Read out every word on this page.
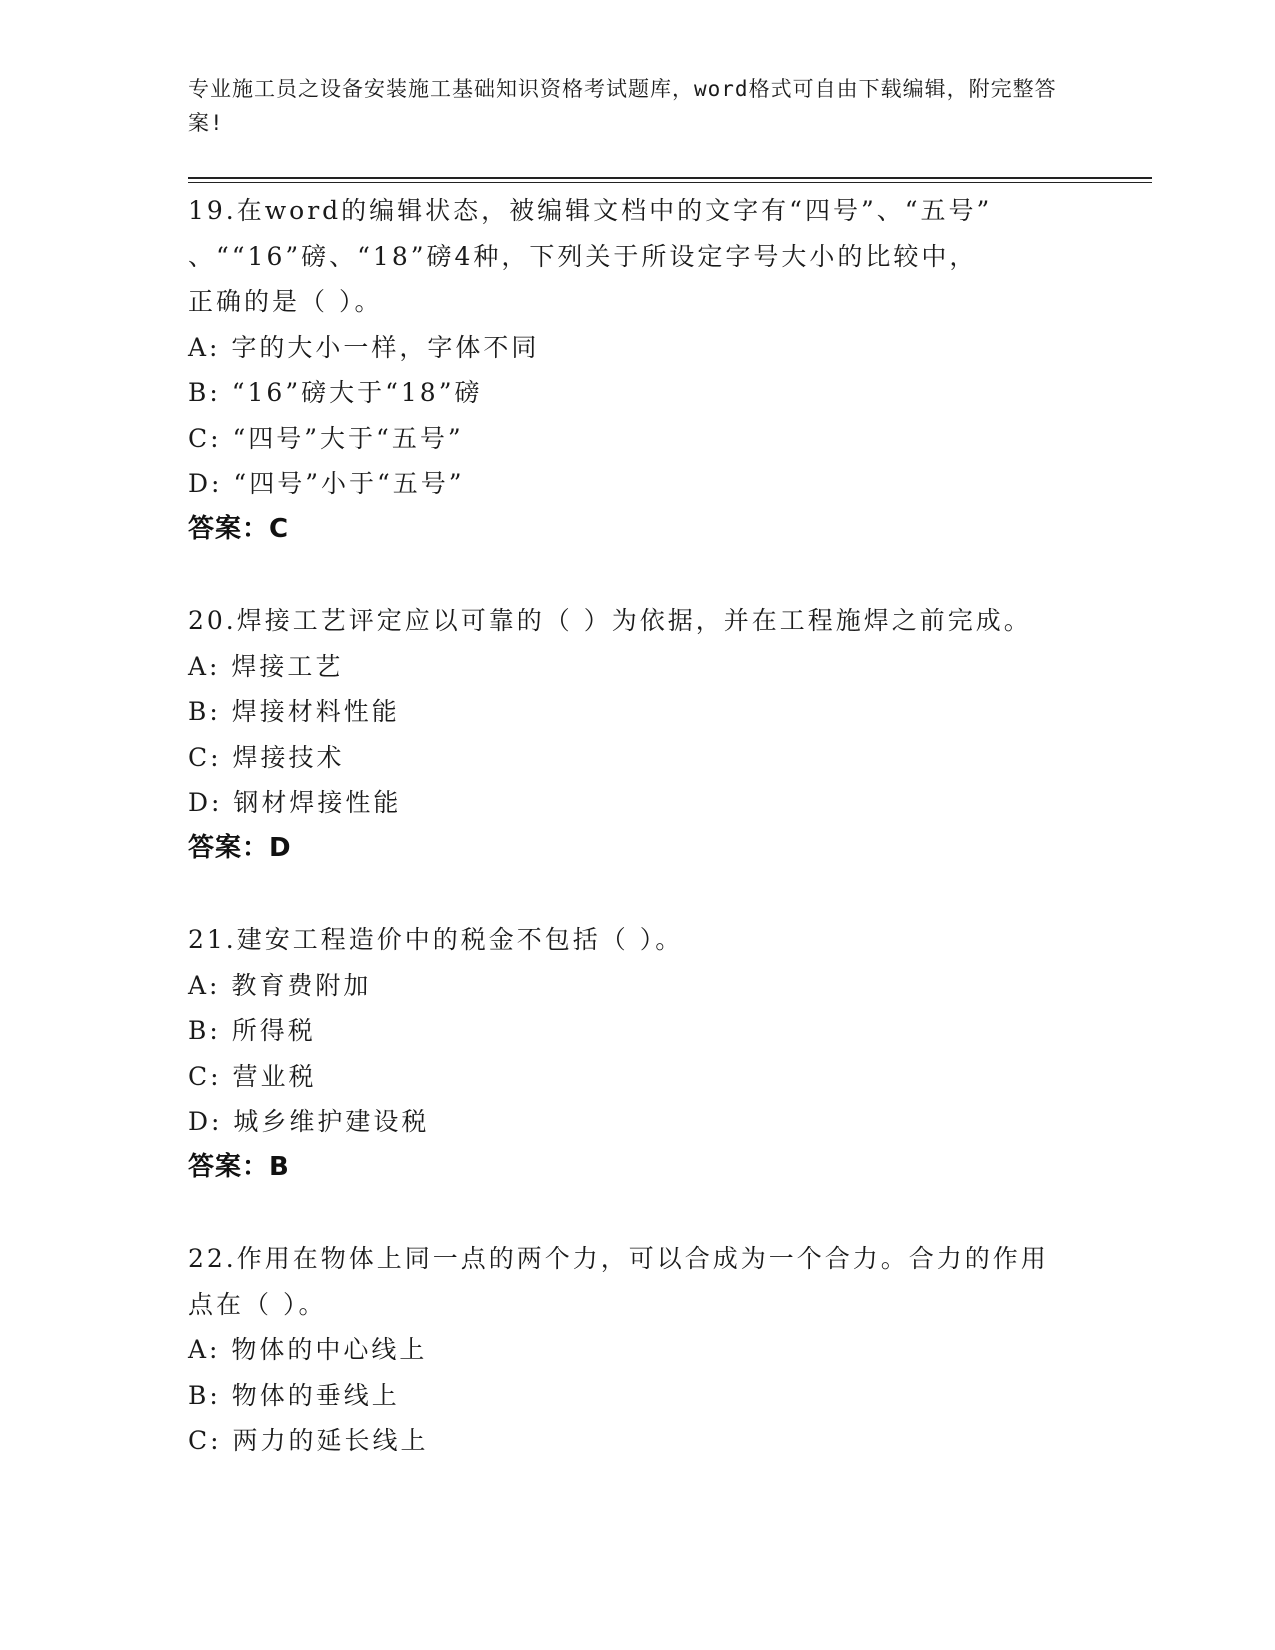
专业施工员之设备安装施工基础知识资格考试题库，word格式可自由下载编辑，附完整答案!
19.在word的编辑状态，被编辑文档中的文字有“四号”、“五号”
、““16”磅、“18”磅4种，下列关于所设定字号大小的比较中，
正确的是（ ）。
A: 字的大小一样，字体不同
B: “16”磅大于“18”磅
C: “四号”大于“五号”
D: “四号”小于“五号”
答案：C
20.焊接工艺评定应以可靠的（ ）为依据，并在工程施焊之前完成。
A: 焊接工艺
B: 焊接材料性能
C: 焊接技术
D: 钢材焊接性能
答案：D
21.建安工程造价中的税金不包括（ ）。
A: 教育费附加
B: 所得税
C: 营业税
D: 城乡维护建设税
答案：B
22.作用在物体上同一点的两个力，可以合成为一个合力。合力的作用
点在（ ）。
A: 物体的中心线上
B: 物体的垂线上
C: 两力的延长线上
